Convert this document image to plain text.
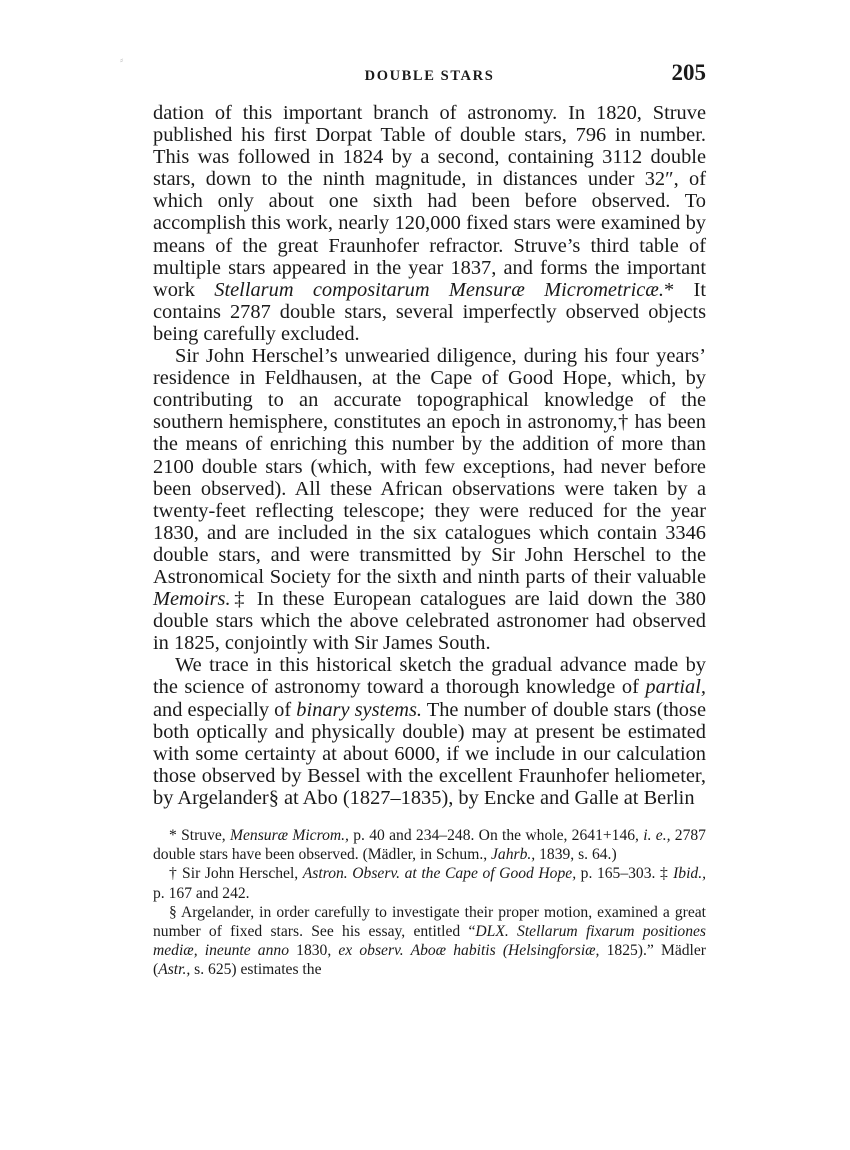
⸗
DOUBLE STARS	205

dation of this important branch of astronomy. In 1820, Struve published his first Dorpat Table of double stars, 796 in number. This was followed in 1824 by a second, containing 3112 double stars, down to the ninth magnitude, in distances under 32″, of which only about one sixth had been before observed. To accomplish this work, nearly 120,000 fixed stars were examined by means of the great Fraunhofer refractor. Struve’s third table of multiple stars appeared in the year 1837, and forms the important work Stellarum compositarum Mensuræ Micrometricæ.* It contains 2787 double stars, several imperfectly observed objects being carefully excluded.

Sir John Herschel’s unwearied diligence, during his four years’ residence in Feldhausen, at the Cape of Good Hope, which, by contributing to an accurate topographical knowledge of the southern hemisphere, constitutes an epoch in astronomy,† has been the means of enriching this number by the addition of more than 2100 double stars (which, with few exceptions, had never before been observed). All these African observations were taken by a twenty-feet reflecting telescope; they were reduced for the year 1830, and are included in the six catalogues which contain 3346 double stars, and were transmitted by Sir John Herschel to the Astronomical Society for the sixth and ninth parts of their valuable Memoirs.‡ In these European catalogues are laid down the 380 double stars which the above celebrated astronomer had observed in 1825, conjointly with Sir James South.

We trace in this historical sketch the gradual advance made by the science of astronomy toward a thorough knowledge of partial, and especially of binary systems. The number of double stars (those both optically and physically double) may at present be estimated with some certainty at about 6000, if we include in our calculation those observed by Bessel with the excellent Fraunhofer heliometer, by Argelander§ at Abo (1827–1835), by Encke and Galle at Berlin

* Struve, Mensuræ Microm., p. 40 and 234–248. On the whole, 2641+146, i. e., 2787 double stars have been observed. (Mädler, in Schum., Jahrb., 1839, s. 64.)

† Sir John Herschel, Astron. Observ. at the Cape of Good Hope, p. 165–303. ‡ Ibid., p. 167 and 242.

§ Argelander, in order carefully to investigate their proper motion, examined a great number of fixed stars. See his essay, entitled “DLX. Stellarum fixarum positiones mediæ, ineunte anno 1830, ex observ. Aboæ habitis (Helsingforsiæ, 1825).” Mädler (Astr., s. 625) estimates the
